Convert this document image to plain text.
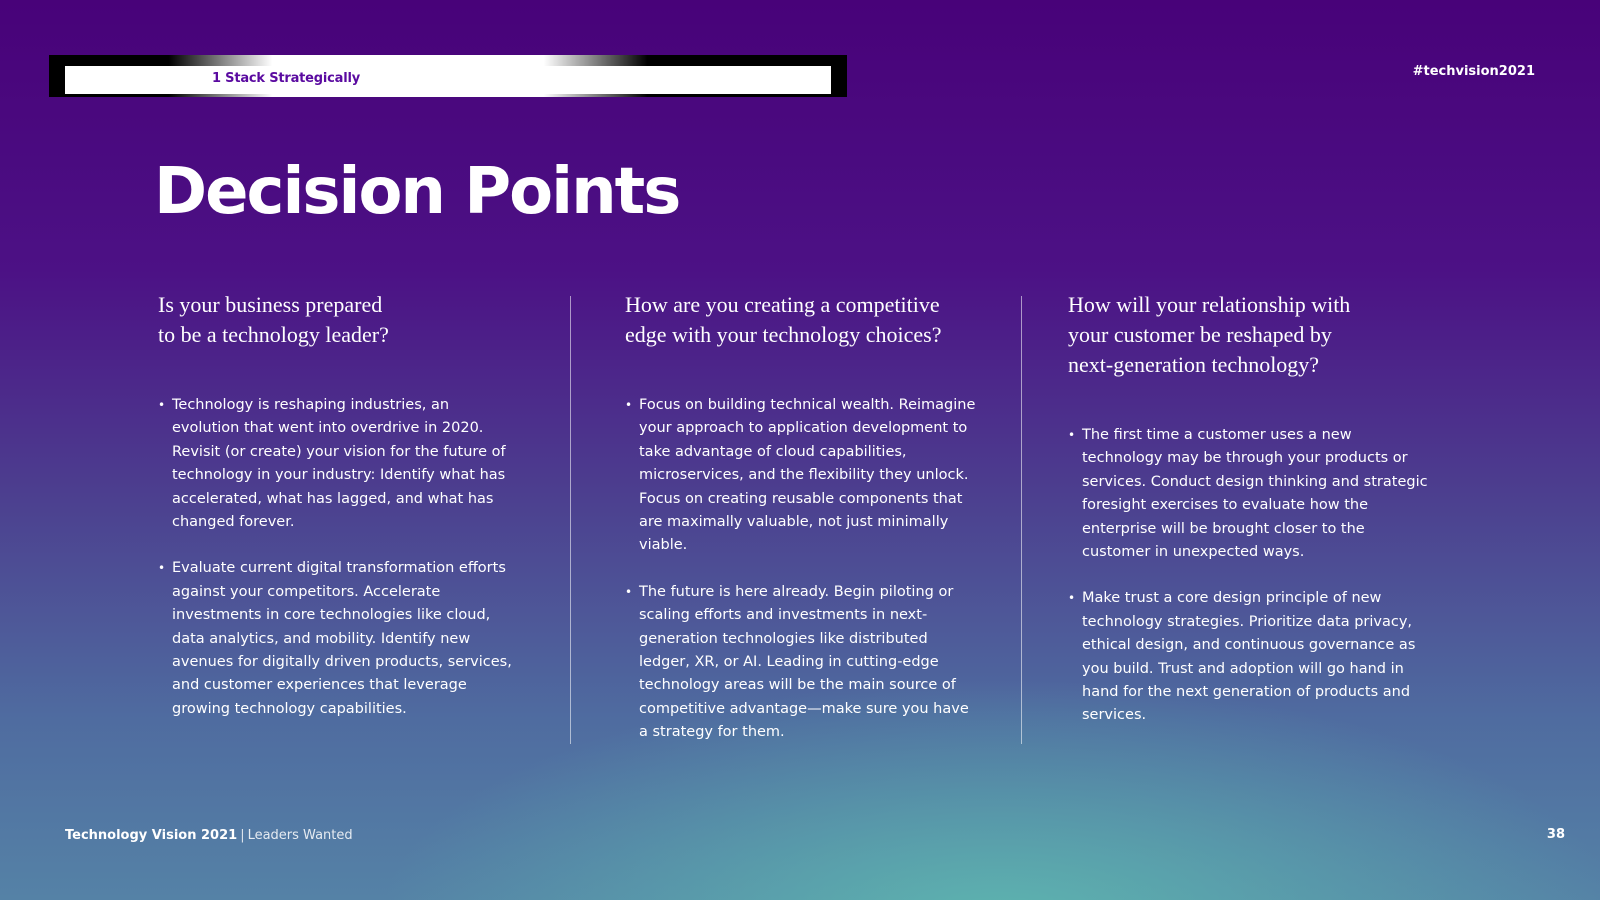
1 Stack Strategically	#techvision2021
Decision Points

Is your business prepared
to be a technology leader?

• Technology is reshaping industries, an evolution that went into overdrive in 2020. Revisit (or create) your vision for the future of technology in your industry: Identify what has accelerated, what has lagged, and what has changed forever.
• Evaluate current digital transformation efforts against your competitors. Accelerate investments in core technologies like cloud, data analytics, and mobility. Identify new avenues for digitally driven products, services, and customer experiences that leverage growing technology capabilities.

How are you creating a competitive
edge with your technology choices?

• Focus on building technical wealth. Reimagine your approach to application development to take advantage of cloud capabilities, microservices, and the flexibility they unlock. Focus on creating reusable components that are maximally valuable, not just minimally viable.
• The future is here already. Begin piloting or scaling efforts and investments in next-generation technologies like distributed ledger, XR, or AI. Leading in cutting-edge technology areas will be the main source of competitive advantage—make sure you have a strategy for them.

How will your relationship with
your customer be reshaped by
next-generation technology?

• The first time a customer uses a new technology may be through your products or services. Conduct design thinking and strategic foresight exercises to evaluate how the enterprise will be brought closer to the customer in unexpected ways.
• Make trust a core design principle of new technology strategies. Prioritize data privacy, ethical design, and continuous governance as you build. Trust and adoption will go hand in hand for the next generation of products and services.
Technology Vision 2021 | Leaders Wanted	38
